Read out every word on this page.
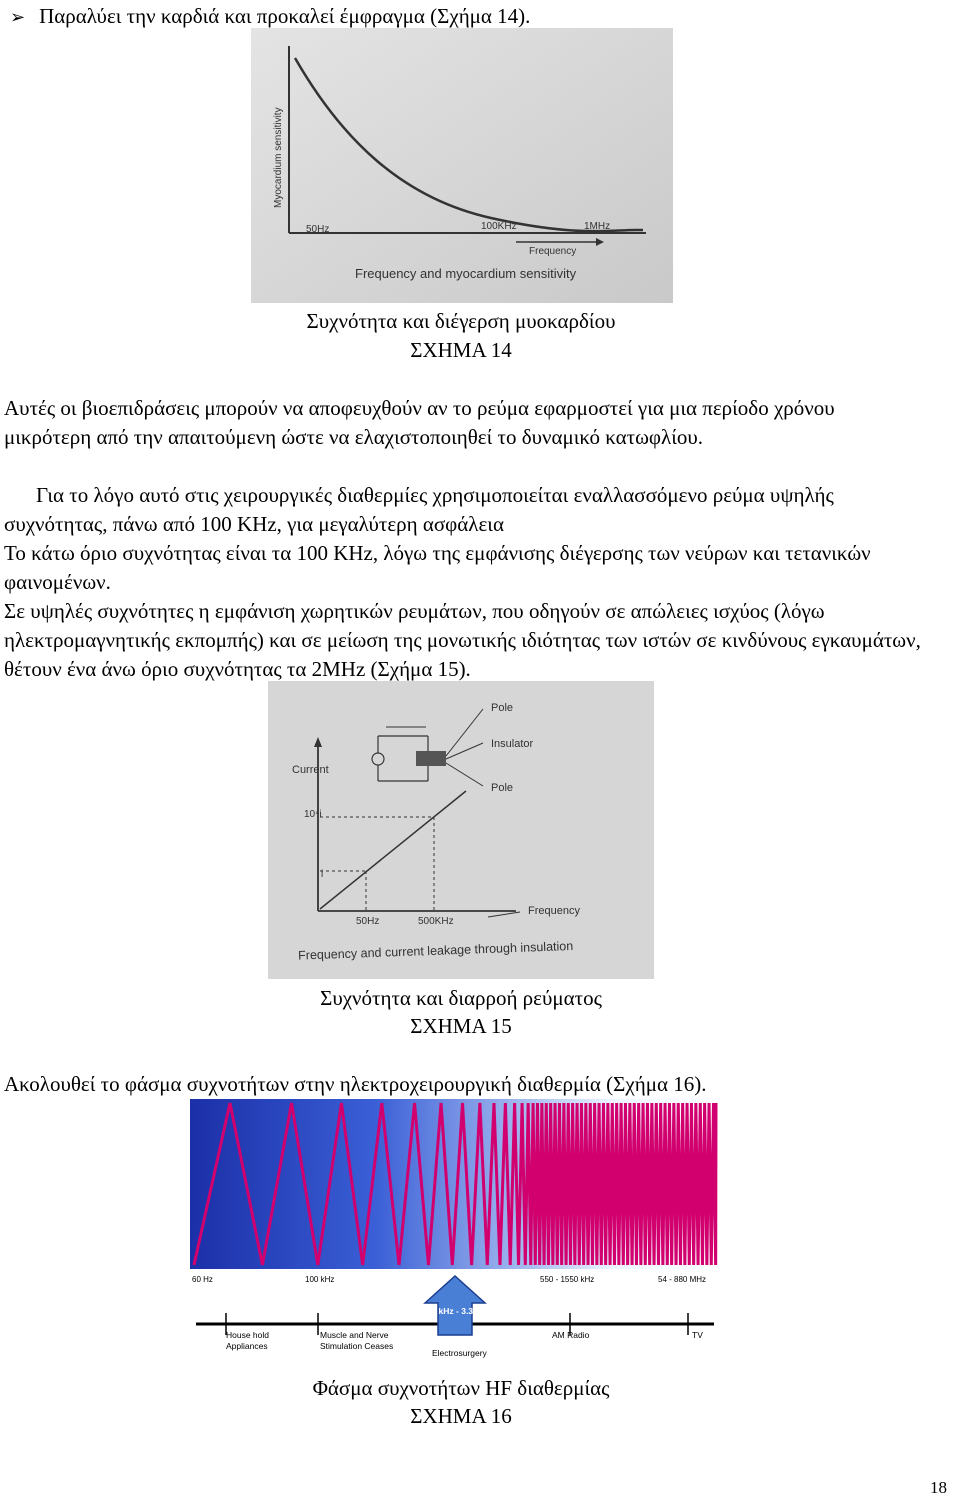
➢ Παραλύει την καρδιά και προκαλεί έμφραγμα (Σχήμα 14).
Myocardium sensitivity
50Hz	100KHz	1MHz
Frequency
Frequency and myocardium sensitivity
Συχνότητα και διέγερση μυοκαρδίου
ΣΧΗΜΑ 14
Αυτές οι βιοεπιδράσεις μπορούν να αποφευχθούν αν το ρεύμα εφαρμοστεί για μια περίοδο χρόνου μικρότερη από την απαιτούμενη ώστε να ελαχιστοποιηθεί το δυναμικό κατωφλίου.
Για το λόγο αυτό στις χειρουργικές διαθερμίες χρησιμοποιείται εναλλασσόμενο ρεύμα υψηλής συχνότητας, πάνω από 100 KHz, για μεγαλύτερη ασφάλεια
Το κάτω όριο συχνότητας είναι τα 100 KHz, λόγω της εμφάνισης διέγερσης των νεύρων και τετανικών φαινομένων.
Σε υψηλές συχνότητες η εμφάνιση χωρητικών ρευμάτων, που οδηγούν σε απώλειες ισχύος (λόγω ηλεκτρομαγνητικής εκπομπής) και σε μείωση της μονωτικής ιδιότητας των ιστών σε κινδύνους εγκαυμάτων, θέτουν ένα άνω όριο συχνότητας τα 2MHz (Σχήμα 15).
Pole
Insulator
Pole
Current
10⁴i
i
50Hz	500KHz
Frequency
Frequency and current leakage through insulation
Συχνότητα και διαρροή ρεύματος
ΣΧΗΜΑ 15
Ακολουθεί το φάσμα συχνοτήτων στην ηλεκτροχειρουργική διαθερμία (Σχήμα 16).
60 Hz	100 kHz	550 - 1550 kHz	54 - 880 MHz
500 kHz - 3.3 MHz
House hold
Appliances
Muscle and Nerve
Stimulation Ceases
Electrosurgery
AM Radio	TV
Φάσμα συχνοτήτων HF διαθερμίας
ΣΧΗΜΑ 16
18
